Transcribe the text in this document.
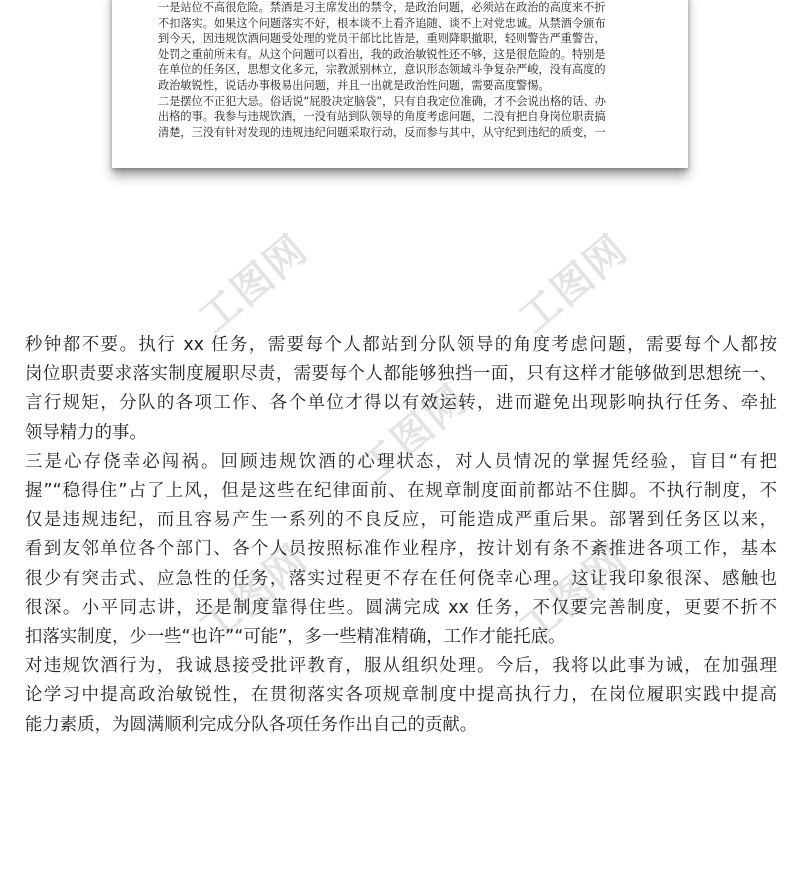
一是站位不高很危险。禁酒是习主席发出的禁令，是政治问题，必须站在政治的高度来不折
不扣落实。如果这个问题落实不好，根本谈不上看齐追随、谈不上对党忠诚。从禁酒令颁布
到今天，因违规饮酒问题受处理的党员干部比比皆是，重则降职撤职，轻则警告严重警告，
处罚之重前所未有。从这个问题可以看出，我的政治敏锐性还不够，这是很危险的。特别是
在单位的任务区，思想文化多元，宗教派别林立，意识形态领域斗争复杂严峻，没有高度的
政治敏锐性，说话办事极易出问题，并且一出就是政治性问题，需要高度警惕。
二是摆位不正犯大忌。俗话说“屁股决定脑袋”，只有自我定位准确，才不会说出格的话、办
出格的事。我参与违规饮酒，一没有站到队领导的角度考虑问题，二没有把自身岗位职责搞
清楚，三没有针对发现的违规违纪问题采取行动，反而参与其中，从守纪到违纪的质变，一
工图网	工图网
工图网
工图网	工图网
秒钟都不要。执行 xx 任务，需要每个人都站到分队领导的角度考虑问题，需要每个人都按
岗位职责要求落实制度履职尽责，需要每个人都能够独挡一面，只有这样才能够做到思想统一、
言行规矩，分队的各项工作、各个单位才得以有效运转，进而避免出现影响执行任务、牵扯
领导精力的事。
三是心存侥幸必闯祸。回顾违规饮酒的心理状态，对人员情况的掌握凭经验，盲目“有把
握”“稳得住”占了上风，但是这些在纪律面前、在规章制度面前都站不住脚。不执行制度，不
仅是违规违纪，而且容易产生一系列的不良反应，可能造成严重后果。部署到任务区以来，
看到友邻单位各个部门、各个人员按照标准作业程序，按计划有条不紊推进各项工作，基本
很少有突击式、应急性的任务，落实过程更不存在任何侥幸心理。这让我印象很深、感触也
很深。小平同志讲，还是制度靠得住些。圆满完成 xx 任务，不仅要完善制度，更要不折不
扣落实制度，少一些“也许”“可能”，多一些精准精确，工作才能托底。
对违规饮酒行为，我诚恳接受批评教育，服从组织处理。今后，我将以此事为诫，在加强理
论学习中提高政治敏锐性，在贯彻落实各项规章制度中提高执行力，在岗位履职实践中提高
能力素质，为圆满顺利完成分队各项任务作出自己的贡献。
